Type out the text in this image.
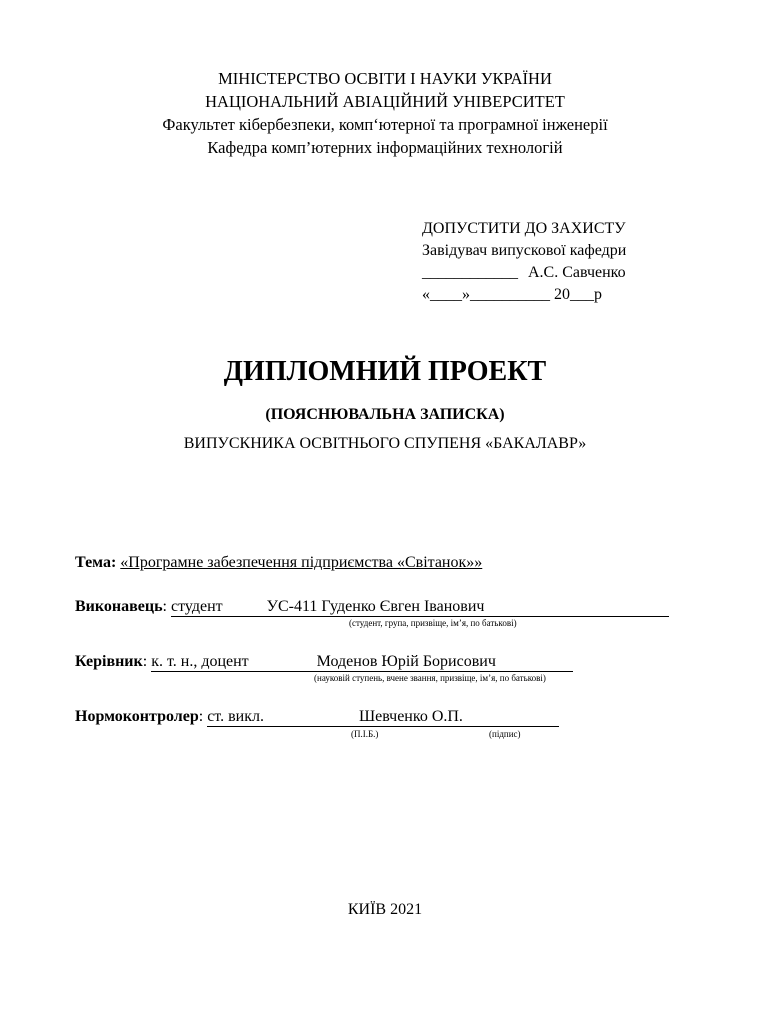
МІНІСТЕРСТВО ОСВІТИ І НАУКИ УКРАЇНИ
НАЦІОНАЛЬНИЙ АВІАЦІЙНИЙ УНІВЕРСИТЕТ
Факультет кібербезпеки, комп‘ютерної та програмної інженерії
Кафедра комп’ютерних інформаційних технологій
ДОПУСТИТИ ДО ЗАХИСТУ
Завідувач випускової кафедри
____________ А.С. Савченко
«____»__________ 20___р
ДИПЛОМНИЙ ПРОЕКТ
(ПОЯСНЮВАЛЬНА ЗАПИСКА)
ВИПУСКНИКА ОСВІТНЬОГО СПУПЕНЯ «БАКАЛАВР»
Тема: «Програмне забезпечення підприємства «Світанок»»
Виконавець: студент	УС-411 Гуденко Євген Іванович
(студент, група, призвіще, ім’я, по батькові)
Керівник: к. т. н., доцент	Моденов Юрій Борисович
(науковій ступень, вчене звання, призвіще, ім’я, по батькові)
Нормоконтролер: ст. викл.	Шевченко О.П.
(П.І.Б.)	(підпис)
КИЇВ 2021
